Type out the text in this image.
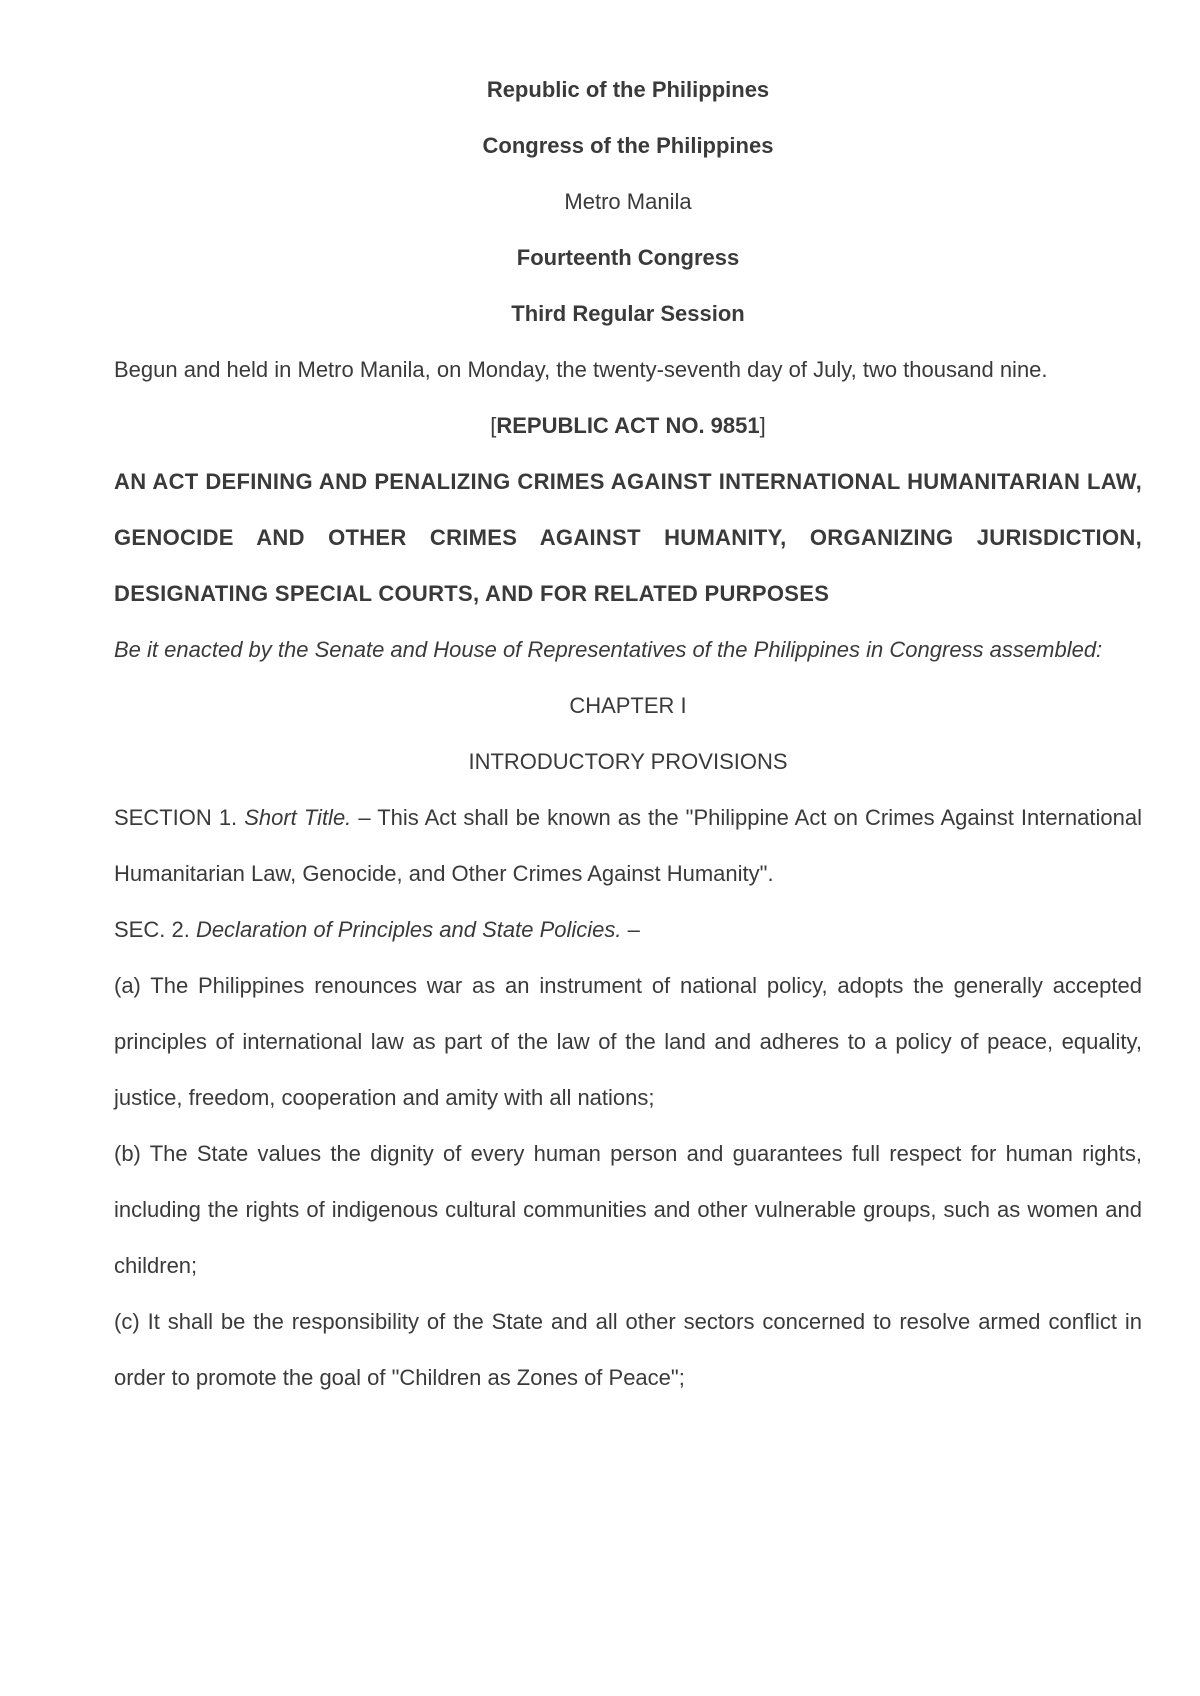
Republic of the Philippines

Congress of the Philippines

Metro Manila

Fourteenth Congress

Third Regular Session

Begun and held in Metro Manila, on Monday, the twenty-seventh day of July, two thousand nine.

[REPUBLIC ACT NO. 9851]

AN ACT DEFINING AND PENALIZING CRIMES AGAINST INTERNATIONAL HUMANITARIAN LAW, GENOCIDE AND OTHER CRIMES AGAINST HUMANITY, ORGANIZING JURISDICTION, DESIGNATING SPECIAL COURTS, AND FOR RELATED PURPOSES

Be it enacted by the Senate and House of Representatives of the Philippines in Congress assembled:

CHAPTER I

INTRODUCTORY PROVISIONS

SECTION 1. Short Title. – This Act shall be known as the "Philippine Act on Crimes Against International Humanitarian Law, Genocide, and Other Crimes Against Humanity".

SEC. 2. Declaration of Principles and State Policies. –

(a) The Philippines renounces war as an instrument of national policy, adopts the generally accepted principles of international law as part of the law of the land and adheres to a policy of peace, equality, justice, freedom, cooperation and amity with all nations;

(b) The State values the dignity of every human person and guarantees full respect for human rights, including the rights of indigenous cultural communities and other vulnerable groups, such as women and children;

(c) It shall be the responsibility of the State and all other sectors concerned to resolve armed conflict in order to promote the goal of "Children as Zones of Peace";
